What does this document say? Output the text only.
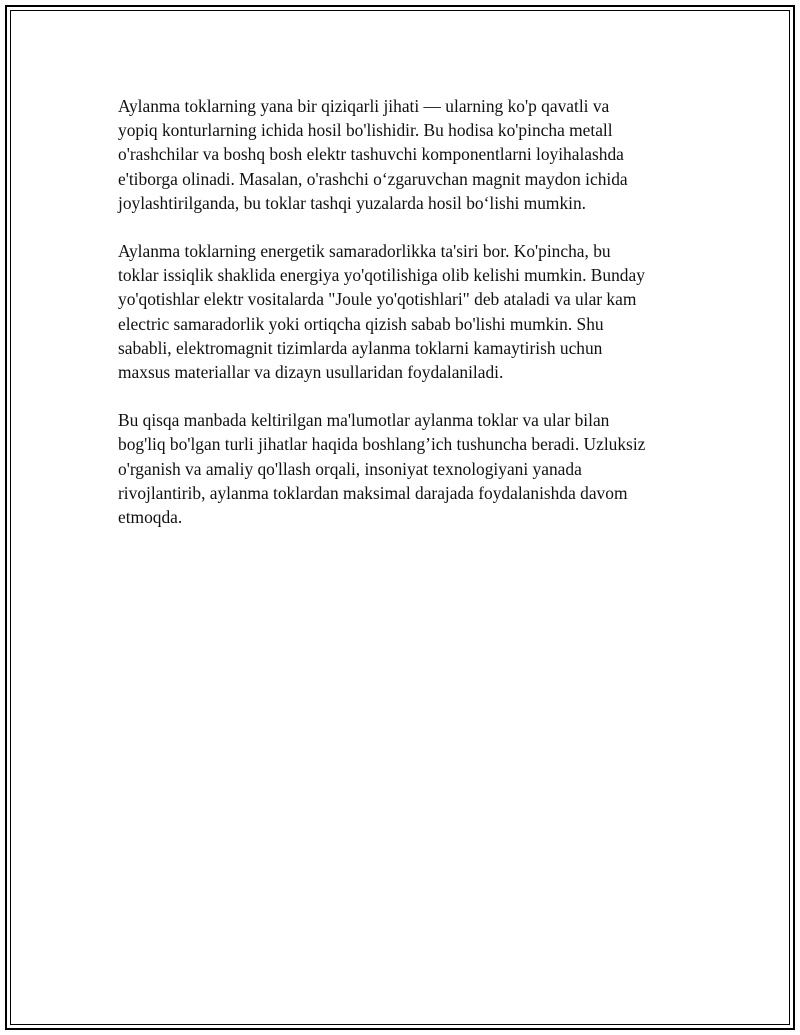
Aylanma toklarning yana bir qiziqarli jihati — ularning ko'p qavatli va
yopiq konturlarning ichida hosil bo'lishidir. Bu hodisa ko'pincha metall
o'rashchilar va boshq bosh elektr tashuvchi komponentlarni loyihalashda
e'tiborga olinadi. Masalan, o'rashchi o‘zgaruvchan magnit maydon ichida
joylashtirilganda, bu toklar tashqi yuzalarda hosil bo‘lishi mumkin.

Aylanma toklarning energetik samaradorlikka ta'siri bor. Ko'pincha, bu
toklar issiqlik shaklida energiya yo'qotilishiga olib kelishi mumkin. Bunday
yo'qotishlar elektr vositalarda "Joule yo'qotishlari" deb ataladi va ular kam
electric samaradorlik yoki ortiqcha qizish sabab bo'lishi mumkin. Shu
sababli, elektromagnit tizimlarda aylanma toklarni kamaytirish uchun
maxsus materiallar va dizayn usullaridan foydalaniladi.

Bu qisqa manbada keltirilgan ma'lumotlar aylanma toklar va ular bilan
bog'liq bo'lgan turli jihatlar haqida boshlang’ich tushuncha beradi. Uzluksiz
o'rganish va amaliy qo'llash orqali, insoniyat texnologiyani yanada
rivojlantirib, aylanma toklardan maksimal darajada foydalanishda davom
etmoqda.
